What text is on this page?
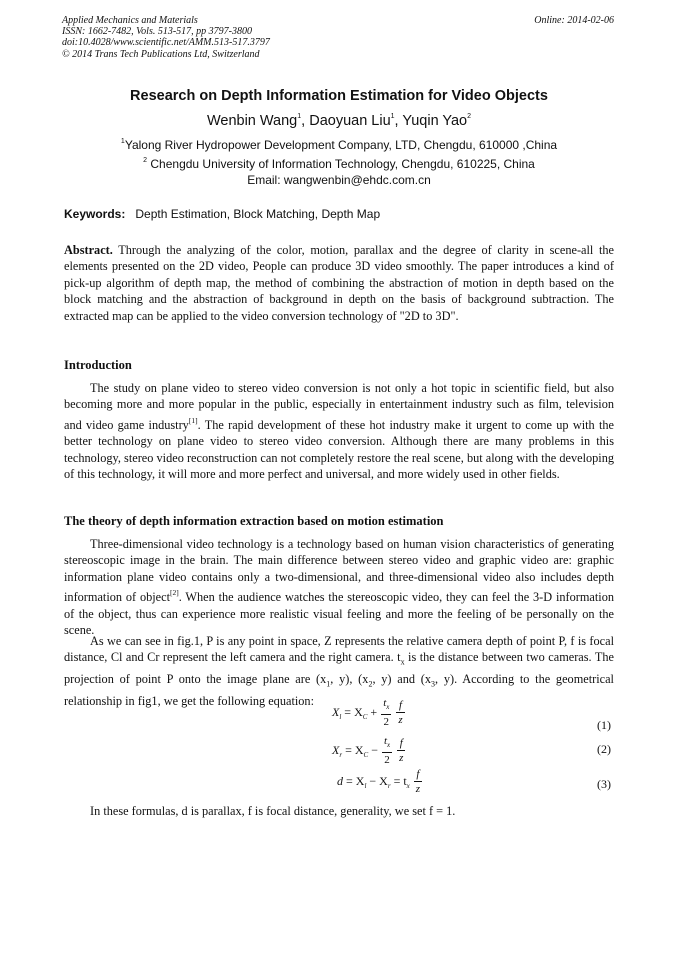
Applied Mechanics and Materials
ISSN: 1662-7482, Vols. 513-517, pp 3797-3800
doi:10.4028/www.scientific.net/AMM.513-517.3797
© 2014 Trans Tech Publications Ltd, Switzerland
Online: 2014-02-06
Research on Depth Information Estimation for Video Objects
Wenbin Wang$^1$, Daoyuan Liu$^1$, Yuqin Yao$^2$
$^1$Yalong River Hydropower Development Company, LTD, Chengdu, 610000 ,China
$^2$ Chengdu University of Information Technology, Chengdu, 610225, China
Email: wangwenbin@ehdc.com.cn
Keywords: Depth Estimation, Block Matching, Depth Map

Abstract. Through the analyzing of the color, motion, parallax and the degree of clarity in scene-all the elements presented on the 2D video, People can produce 3D video smoothly. The paper introduces a kind of pick-up algorithm of depth map, the method of combining the abstraction of motion in depth based on the block matching and the abstraction of background in depth on the basis of background subtraction. The extracted map can be applied to the video conversion technology of "2D to 3D".

Introduction

The study on plane video to stereo video conversion is not only a hot topic in scientific field, but also becoming more and more popular in the public, especially in entertainment industry such as film, television and video game industry[1]. The rapid development of these hot industry make it urgent to come up with the better technology on plane video to stereo video conversion. Although there are many problems in this technology, stereo video reconstruction can not completely restore the real scene, but along with the developing of this technology, it will more and more perfect and universal, and more widely used in other fields.

The theory of depth information extraction based on motion estimation

Three-dimensional video technology is a technology based on human vision characteristics of generating stereoscopic image in the brain. The main difference between stereo video and graphic video are: graphic information plane video contains only a two-dimensional, and three-dimensional video also includes depth information of object[2]. When the audience watches the stereoscopic video, they can feel the 3-D information of the object, thus can experience more realistic visual feeling and more the feeling of be personally on the scene.

As we can see in fig.1, P is any point in space, Z represents the relative camera depth of point P, f is focal distance, Cl and Cr represent the left camera and the right camera. $t_x$ is the distance between two cameras. The projection of point P onto the image plane are ($x_1$, y), ($x_2$, y) and ($x_3$, y). According to the geometrical relationship in fig1, we get the following equation:

$X_l = X_C + \frac{t_x}{2}$
$\frac{f}{z}$	(1)
$X_r = X_C - \frac{t_x}{2}$
$\frac{f}{z}$	(2)
$d = X_l - X_r = t_x \frac{f}{z}$	(3)

In these formulas, d is parallax, f is focal distance, generality, we set f = 1.
